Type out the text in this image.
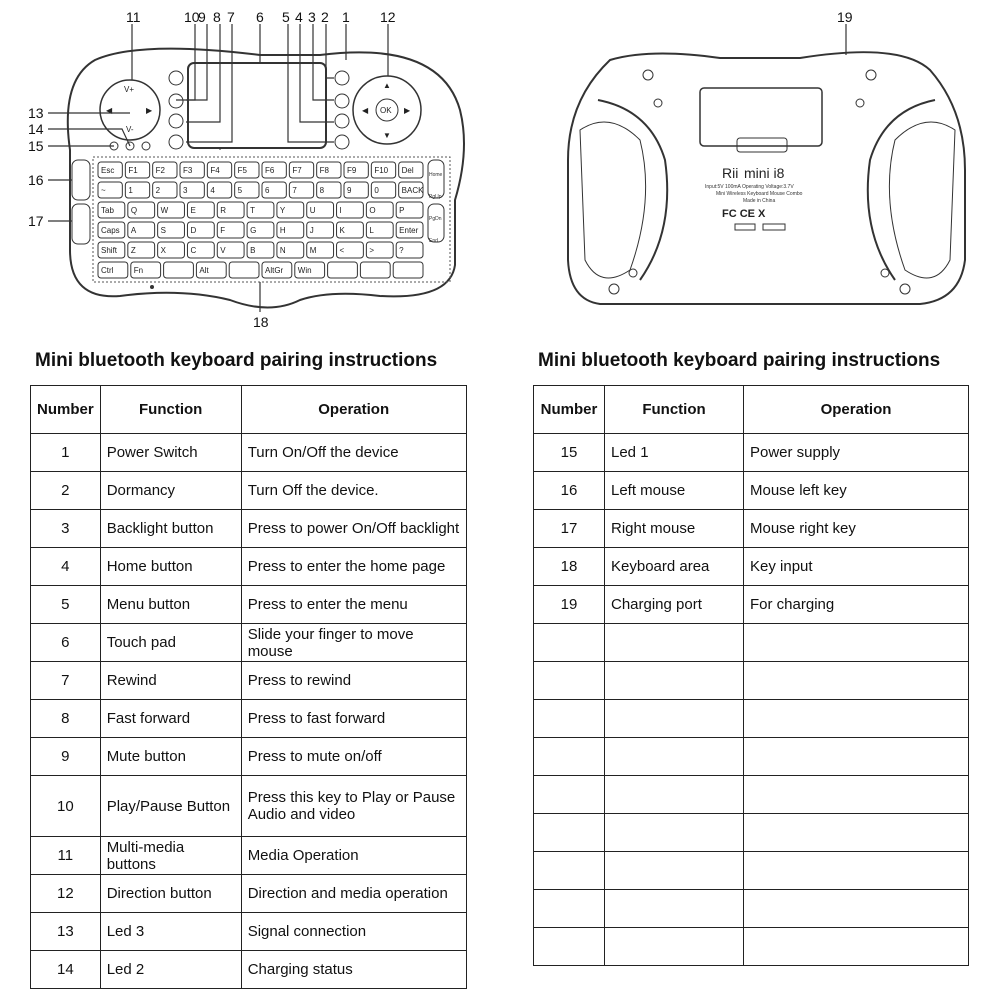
V+
V-
◀	▶	OK
▲
▼
◀	▶
Esc F1 F2 F3 F4 F5 F6 F7 F8 F9 F10 Del
~	1	2	3	4	5	6	7	8	9	0	BACK
Tab Q	W	E	R	T	Y	U	I	O	P
Caps A	S	D	F	G	H	J	K	L	Enter
Shift Z	X	C	V	B	N	M	<	>	?
Ctrl	Fn	Alt	AltGr Win
Home
PgUp
PgDn
End
11	10
9 8 7 6 5 4 3 2 1 12
13
14
15
16
17
18
Rii mini i8
Input:5V 100mA Operating Voltage:3.7V
Mini Wireless Keyboard Mouse Combo
Made in China
FC CE X
19
Mini bluetooth keyboard pairing instructions
Number	Function	Operation
1	Power Switch	Turn On/Off the device
2	Dormancy	Turn Off the device.
3	Backlight button	Press to power On/Off backlight
4	Home button	Press to enter the home page
5	Menu button	Press to enter the menu
6	Touch pad	Slide your finger to move mouse
7	Rewind	Press to rewind
8	Fast forward	Press to fast forward
9	Mute button	Press to mute on/off
10	Play/Pause Button	Press this key to Play or Pause Audio and video
11	Multi-media buttons	Media Operation
12	Direction button	Direction and media operation
13	Led 3	Signal connection
14	Led 2	Charging status
Mini bluetooth keyboard pairing instructions
Number	Function	Operation
15	Led 1	Power supply
16	Left mouse	Mouse left key
17	Right mouse	Mouse right key
18	Keyboard area	Key input
19	Charging port	For charging
